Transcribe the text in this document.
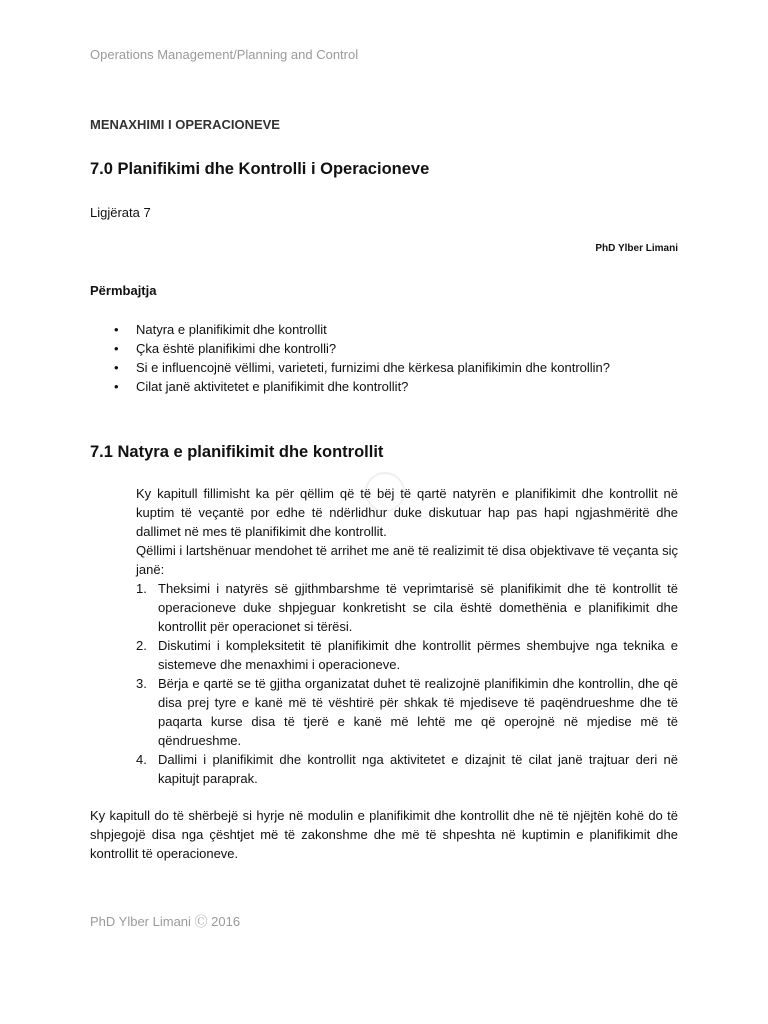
Operations Management/Planning and Control
MENAXHIMI I OPERACIONEVE
7.0 Planifikimi dhe Kontrolli i Operacioneve
Ligjërata 7
PhD Ylber Limani
Përmbajtja
• Natyra e planifikimit dhe kontrollit
• Çka është planifikimi dhe kontrolli?
• Si e influencojnë vëllimi, varieteti, furnizimi dhe kërkesa planifikimin dhe kontrollin?
• Cilat janë aktivitetet e planifikimit dhe kontrollit?
7.1 Natyra e planifikimit dhe kontrollit
Ky kapitull fillimisht ka për qëllim që të bëj të qartë natyrën e planifikimit dhe kontrollit në kuptim të veçantë por edhe të ndërlidhur duke diskutuar hap pas hapi ngjashmëritë dhe dallimet në mes të planifikimit dhe kontrollit.
Qëllimi i lartshënuar mendohet të arrihet me anë të realizimit të disa objektivave të veçanta siç janë:
1. Theksimi i natyrës së gjithmbarshme të veprimtarisë së planifikimit dhe të kontrollit të operacioneve duke shpjeguar konkretisht se cila është domethënia e planifikimit dhe kontrollit për operacionet si tërësi.
2. Diskutimi i kompleksitetit të planifikimit dhe kontrollit përmes shembujve nga teknika e sistemeve dhe menaxhimi i operacioneve.
3. Bërja e qartë se të gjitha organizatat duhet të realizojnë planifikimin dhe kontrollin, dhe që disa prej tyre e kanë më të vështirë për shkak të mjediseve të paqëndrueshme dhe të paqarta kurse disa të tjerë e kanë më lehtë me që operojnë në mjedise më të qëndrueshme.
4. Dallimi i planifikimit dhe kontrollit nga aktivitetet e dizajnit të cilat janë trajtuar deri në kapitujt paraprak.
Ky kapitull do të shërbejë si hyrje në modulin e planifikimit dhe kontrollit dhe në të njëjtën kohë do të shpjegojë disa nga çështjet më të zakonshme dhe më të shpeshta në kuptimin e planifikimit dhe kontrollit të operacioneve.
PhD Ylber Limani Ⓒ 2016
